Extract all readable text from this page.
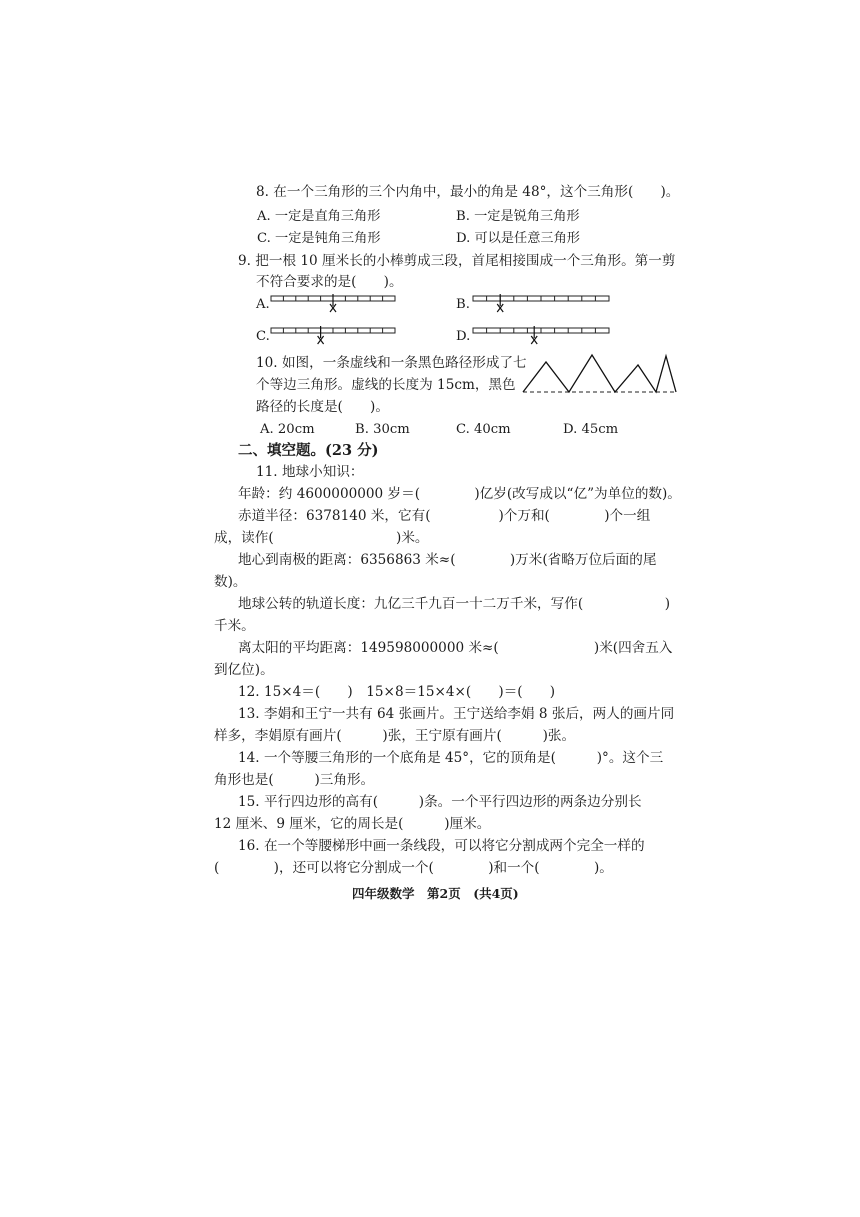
8. 在一个三角形的三个内角中，最小的角是 48°，这个三角形(　　)。
A. 一定是直角三角形	B. 一定是锐角三角形
C. 一定是钝角三角形	D. 可以是任意三角形
9. 把一根 10 厘米长的小棒剪成三段，首尾相接围成一个三角形。第一剪
不符合要求的是(　　)。
A.	B.
C.	D.
10. 如图，一条虚线和一条黑色路径形成了七
个等边三角形。虚线的长度为 15cm，黑色
路径的长度是(　　)。
A. 20cm	B. 30cm	C. 40cm	D. 45cm
二、填空题。(23 分)
11. 地球小知识：
年龄：约 4600000000 岁＝(　　　　)亿岁(改写成以“亿”为单位的数)。
赤道半径：6378140 米，它有(　　　　　)个万和(　　　　)个一组
成，读作(　　　　　　　　　)米。
地心到南极的距离：6356863 米≈(　　　　)万米(省略万位后面的尾
数)。
地球公转的轨道长度：九亿三千九百一十二万千米，写作(　　　　　　)
千米。
离太阳的平均距离：149598000000 米≈(　　　　　　　)米(四舍五入
到亿位)。
12. 15×4＝(　　)　15×8＝15×4×(　　)＝(　　)
13. 李娟和王宁一共有 64 张画片。王宁送给李娟 8 张后，两人的画片同
样多，李娟原有画片(　　　)张，王宁原有画片(　　　)张。
14. 一个等腰三角形的一个底角是 45°，它的顶角是(　　　)°。这个三
角形也是(　　　)三角形。
15. 平行四边形的高有(　　　)条。一个平行四边形的两条边分别长
12 厘米、9 厘米，它的周长是(　　　)厘米。
16. 在一个等腰梯形中画一条线段，可以将它分割成两个完全一样的
(　　　　)，还可以将它分割成一个(　　　　)和一个(　　　　)。
四年级数学　第2页　(共4页)
